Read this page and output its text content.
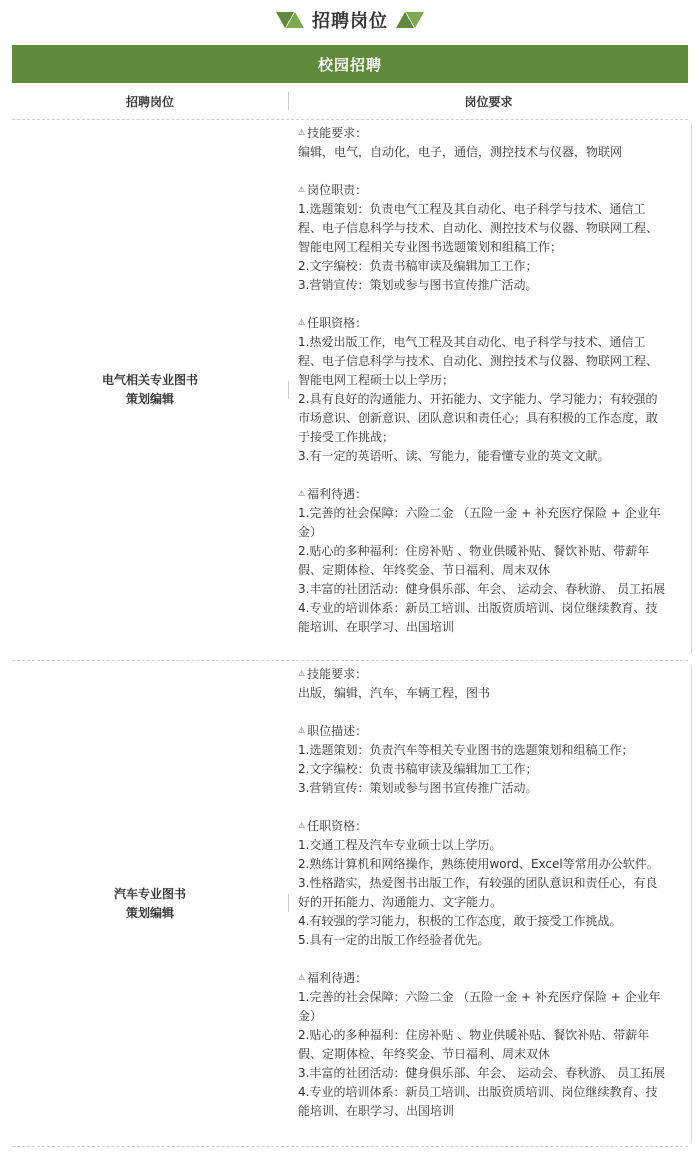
招聘岗位
校园招聘
招聘岗位	岗位要求
电气相关专业图书
策划编辑
⚠ 技能要求：
编辑，电气，自动化，电子，通信，测控技术与仪器，物联网
⚠ 岗位职责：
1.选题策划：负责电气工程及其自动化、电子科学与技术、通信工
程、电子信息科学与技术、自动化、测控技术与仪器、物联网工程、
智能电网工程相关专业图书选题策划和组稿工作；
2.文字编校：负责书稿审读及编辑加工工作；
3.营销宣传：策划或参与图书宣传推广活动。
⚠ 任职资格：
1.热爱出版工作，电气工程及其自动化、电子科学与技术、通信工
程、电子信息科学与技术、自动化、测控技术与仪器、物联网工程、
智能电网工程硕士以上学历；
2.具有良好的沟通能力、开拓能力、文字能力、学习能力；有较强的
市场意识、创新意识、团队意识和责任心；具有积极的工作态度，敢
于接受工作挑战；
3.有一定的英语听、读、写能力，能看懂专业的英文文献。
⚠ 福利待遇：
1.完善的社会保障：六险二金 （五险一金 + 补充医疗保险 + 企业年
金）
2.贴心的多种福利：住房补贴 、物业供暖补贴、餐饮补贴、带薪年
假、定期体检、年终奖金、节日福利、周末双休
3.丰富的社团活动：健身俱乐部、年会、 运动会、春秋游、 员工拓展
4.专业的培训体系：新员工培训、出版资质培训、岗位继续教育、技
能培训、在职学习、出国培训
汽车专业图书
策划编辑
⚠ 技能要求：
出版，编辑，汽车，车辆工程，图书
⚠ 职位描述：
1.选题策划：负责汽车等相关专业图书的选题策划和组稿工作；
2.文字编校：负责书稿审读及编辑加工工作；
3.营销宣传：策划或参与图书宣传推广活动。
⚠ 任职资格：
1.交通工程及汽车专业硕士以上学历。
2.熟练计算机和网络操作，熟练使用word、Excel等常用办公软件。
3.性格踏实，热爱图书出版工作，有较强的团队意识和责任心，有良
好的开拓能力、沟通能力、文字能力。
4.有较强的学习能力，积极的工作态度，敢于接受工作挑战。
5.具有一定的出版工作经验者优先。
⚠ 福利待遇：
1.完善的社会保障：六险二金 （五险一金 + 补充医疗保险 + 企业年
金）
2.贴心的多种福利：住房补贴 、物业供暖补贴、餐饮补贴、带薪年
假、定期体检、年终奖金、节日福利、周末双休
3.丰富的社团活动：健身俱乐部、年会、 运动会、春秋游、 员工拓展
4.专业的培训体系：新员工培训、出版资质培训、岗位继续教育、技
能培训、在职学习、出国培训
